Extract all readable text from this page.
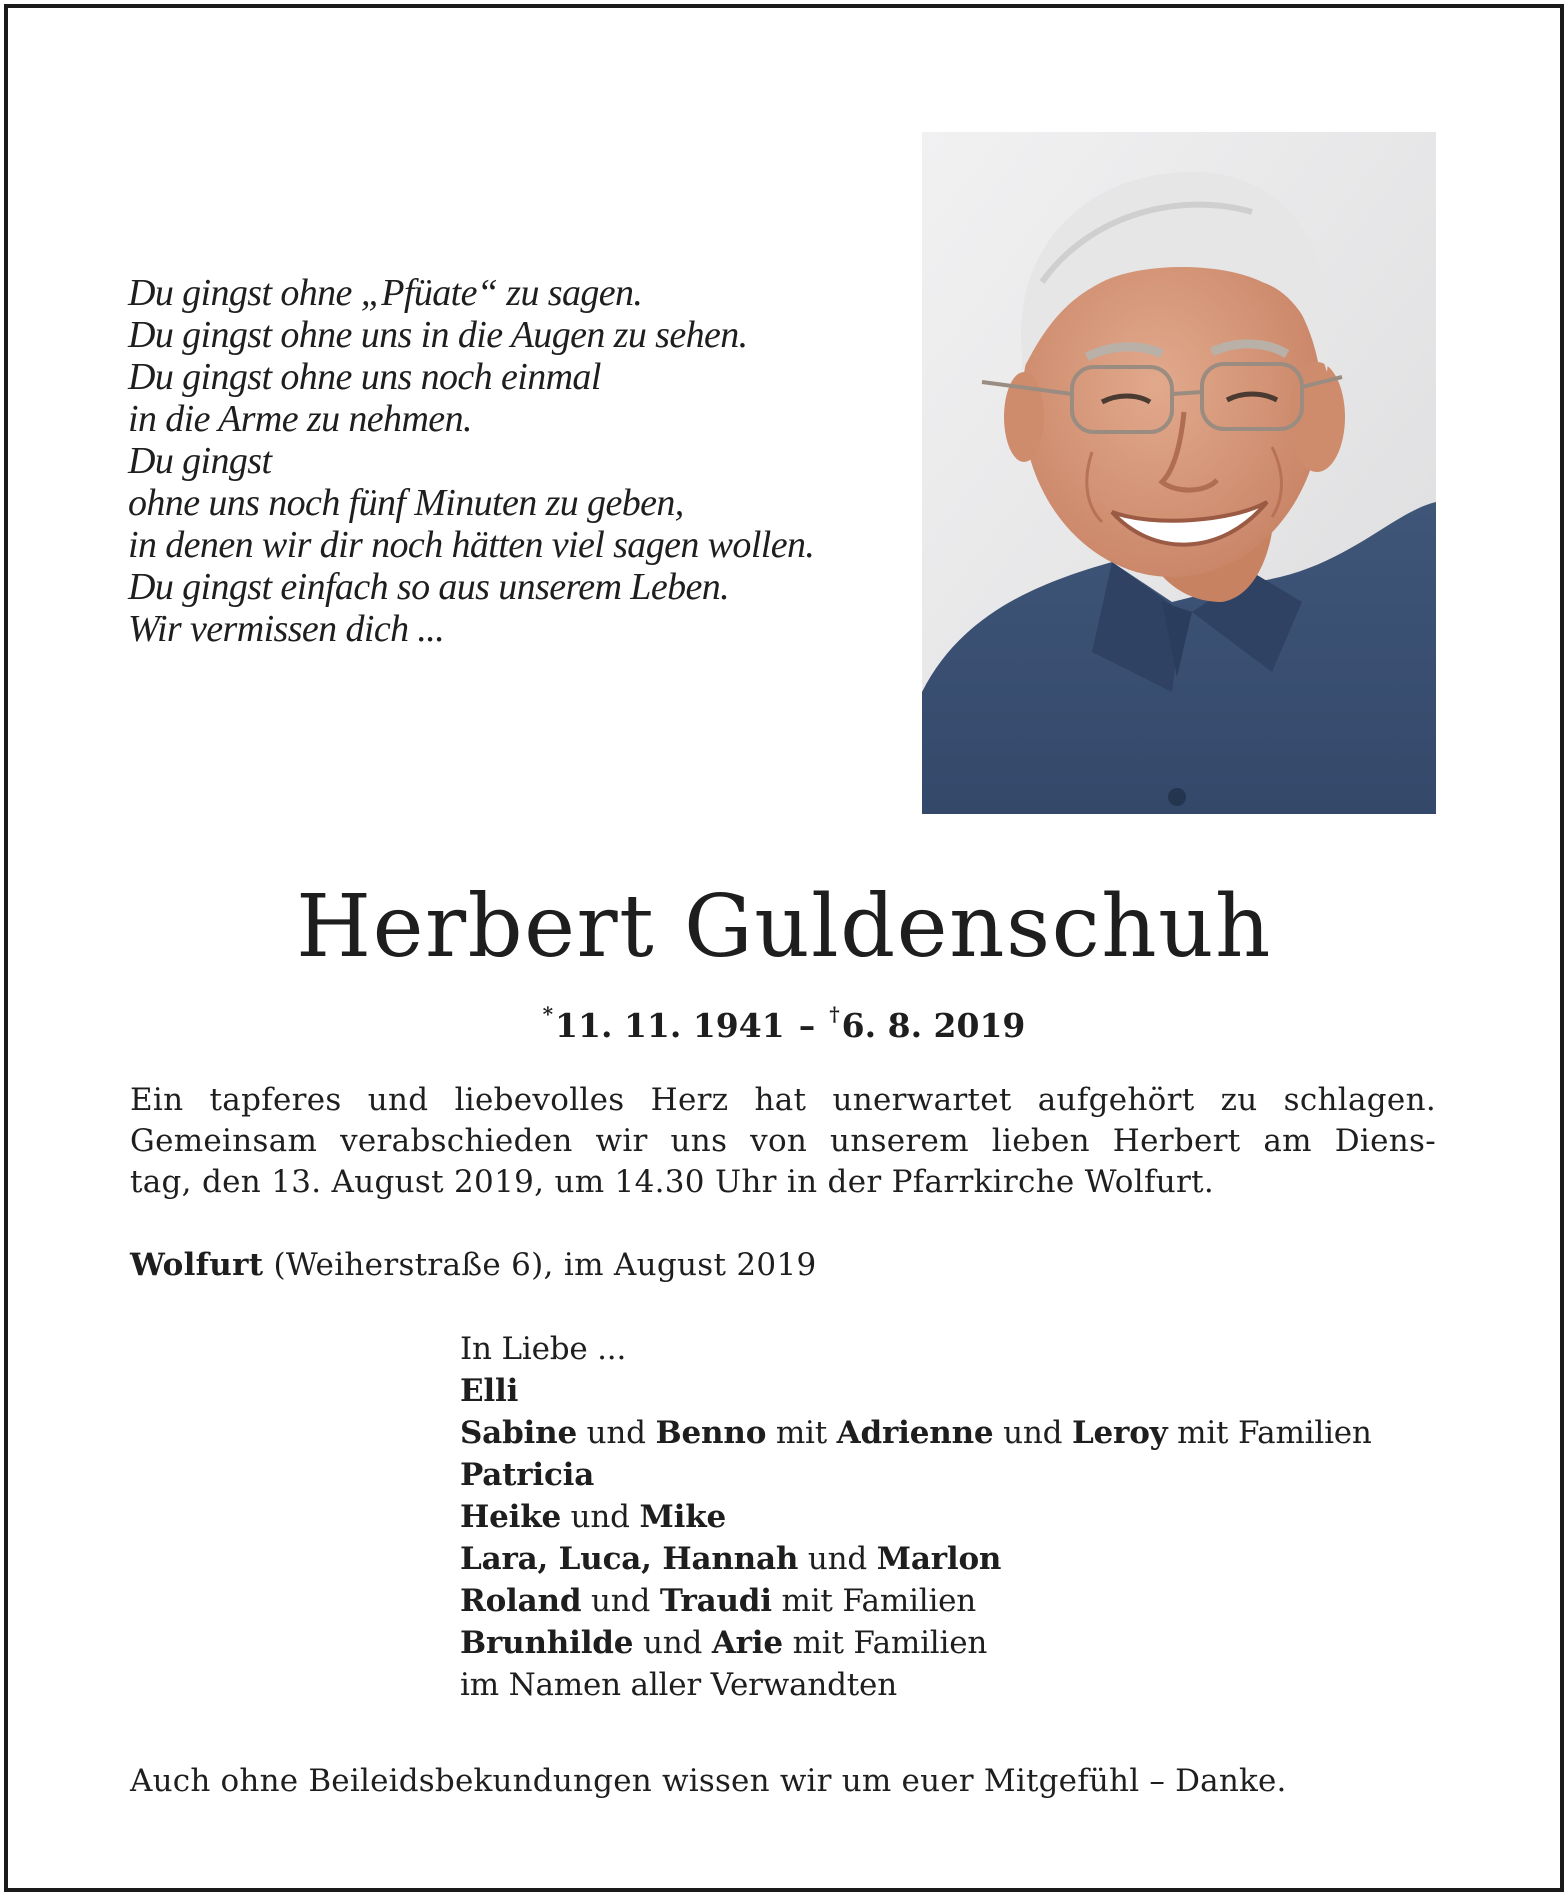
Du gingst ohne „Pfüate“ zu sagen.
Du gingst ohne uns in die Augen zu sehen.
Du gingst ohne uns noch einmal
in die Arme zu nehmen.
Du gingst
ohne uns noch fünf Minuten zu geben,
in denen wir dir noch hätten viel sagen wollen.
Du gingst einfach so aus unserem Leben.
Wir vermissen dich ...
Herbert Guldenschuh
*11. 11. 1941 – †6. 8. 2019
Ein tapferes und liebevolles Herz hat unerwartet aufgehört zu schlagen.
Gemeinsam verabschieden wir uns von unserem lieben Herbert am Diens-
tag, den 13. August 2019, um 14.30 Uhr in der Pfarrkirche Wolfurt.
Wolfurt (Weiherstraße 6), im August 2019
In Liebe ...
Elli
Sabine und Benno mit Adrienne und Leroy mit Familien
Patricia
Heike und Mike
Lara, Luca, Hannah und Marlon
Roland und Traudi mit Familien
Brunhilde und Arie mit Familien
im Namen aller Verwandten
Auch ohne Beileidsbekundungen wissen wir um euer Mitgefühl – Danke.
